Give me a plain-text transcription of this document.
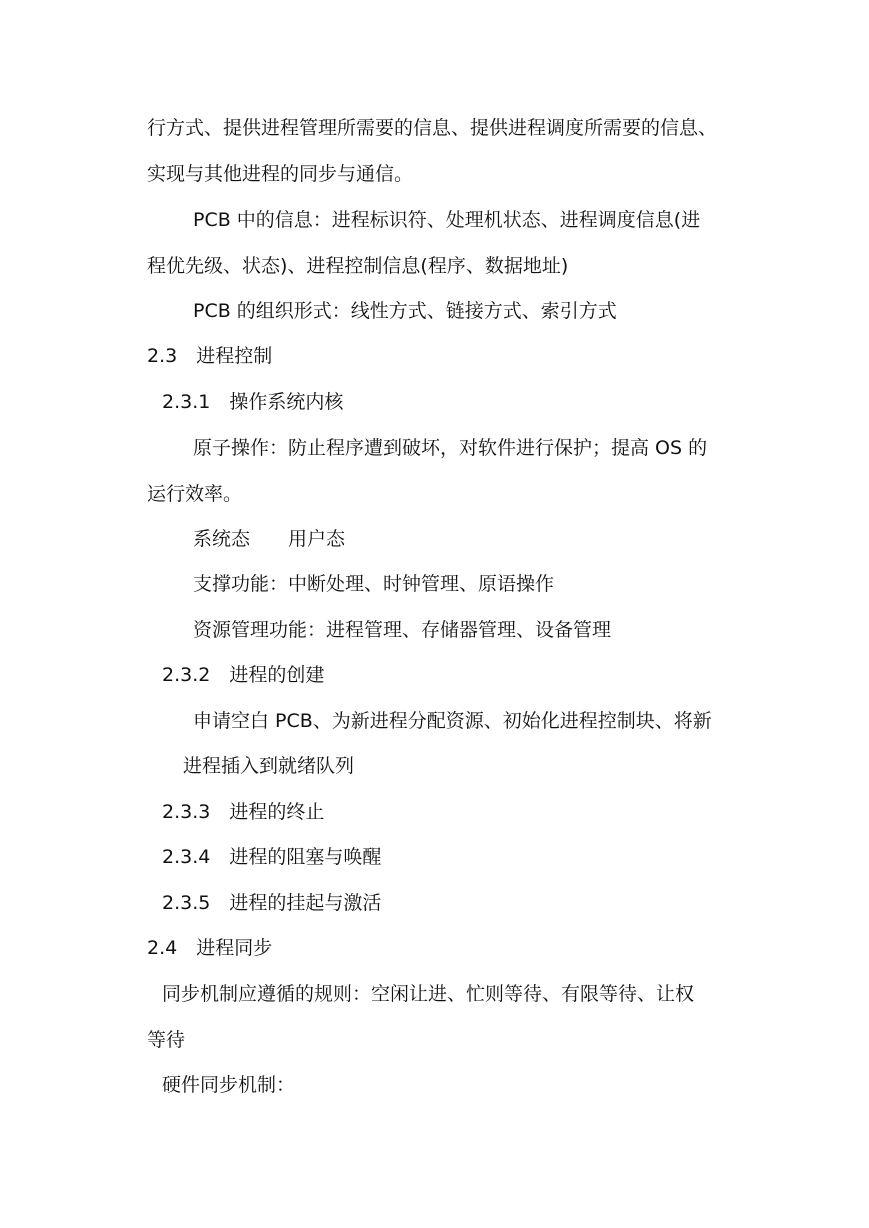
行方式、提供进程管理所需要的信息、提供进程调度所需要的信息、
实现与其他进程的同步与通信。
PCB 中的信息：进程标识符、处理机状态、进程调度信息(进
程优先级、状态)、进程控制信息(程序、数据地址)
PCB 的组织形式：线性方式、链接方式、索引方式
2.3　进程控制
2.3.1　操作系统内核
原子操作：防止程序遭到破坏，对软件进行保护；提高 OS 的
运行效率。
系统态　　用户态
支撑功能：中断处理、时钟管理、原语操作
资源管理功能：进程管理、存储器管理、设备管理
2.3.2　进程的创建
申请空白 PCB、为新进程分配资源、初始化进程控制块、将新
进程插入到就绪队列
2.3.3　进程的终止
2.3.4　进程的阻塞与唤醒
2.3.5　进程的挂起与激活
2.4　进程同步
同步机制应遵循的规则：空闲让进、忙则等待、有限等待、让权
等待
硬件同步机制：
